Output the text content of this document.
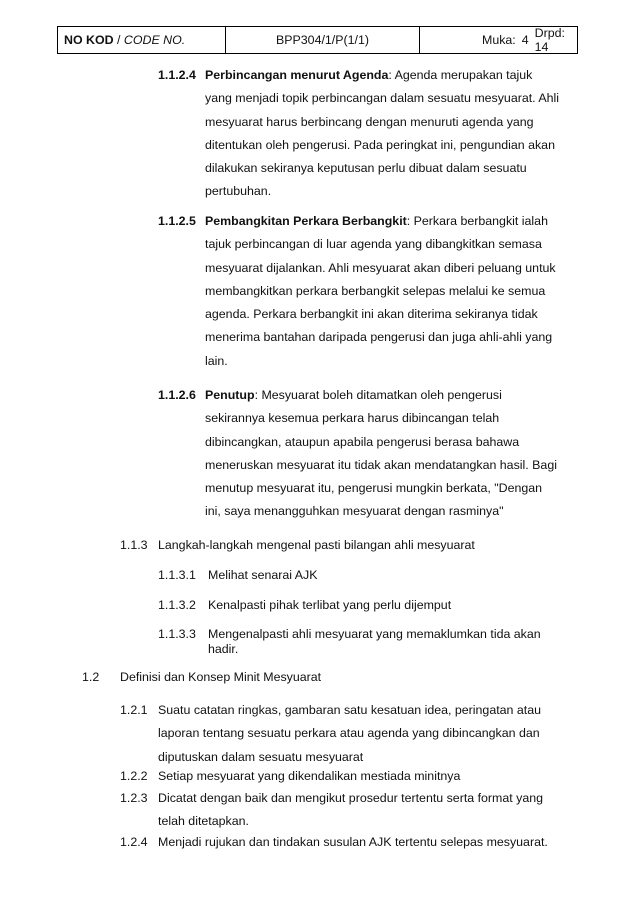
NO KOD / CODE NO.	BPP304/1/P(1/1)	Muka: 4 Drpd: 14
1.1.2.4 Perbincangan menurut Agenda: Agenda merupakan tajuk
yang menjadi topik perbincangan dalam sesuatu mesyuarat. Ahli
mesyuarat harus berbincang dengan menuruti agenda yang
ditentukan oleh pengerusi. Pada peringkat ini, pengundian akan
dilakukan sekiranya keputusan perlu dibuat dalam sesuatu
pertubuhan.
1.1.2.5 Pembangkitan Perkara Berbangkit: Perkara berbangkit ialah
tajuk perbincangan di luar agenda yang dibangkitkan semasa
mesyuarat dijalankan. Ahli mesyuarat akan diberi peluang untuk
membangkitkan perkara berbangkit selepas melalui ke semua
agenda. Perkara berbangkit ini akan diterima sekiranya tidak
menerima bantahan daripada pengerusi dan juga ahli-ahli yang
lain.
1.1.2.6 Penutup: Mesyuarat boleh ditamatkan oleh pengerusi
sekirannya kesemua perkara harus dibincangan telah
dibincangkan, ataupun apabila pengerusi berasa bahawa
meneruskan mesyuarat itu tidak akan mendatangkan hasil. Bagi
menutup mesyuarat itu, pengerusi mungkin berkata, "Dengan
ini, saya menangguhkan mesyuarat dengan rasminya"
1.1.3 Langkah-langkah mengenal pasti bilangan ahli mesyuarat
1.1.3.1 Melihat senarai AJK
1.1.3.2 Kenalpasti pihak terlibat yang perlu dijemput
1.1.3.3 Mengenalpasti ahli mesyuarat yang memaklumkan tida akan
hadir.
1.2 Definisi dan Konsep Minit Mesyuarat
1.2.1 Suatu catatan ringkas, gambaran satu kesatuan idea, peringatan atau
laporan tentang sesuatu perkara atau agenda yang dibincangkan dan
diputuskan dalam sesuatu mesyuarat
1.2.2 Setiap mesyuarat yang dikendalikan mestiada minitnya
1.2.3 Dicatat dengan baik dan mengikut prosedur tertentu serta format yang
telah ditetapkan.
1.2.4 Menjadi rujukan dan tindakan susulan AJK tertentu selepas mesyuarat.
